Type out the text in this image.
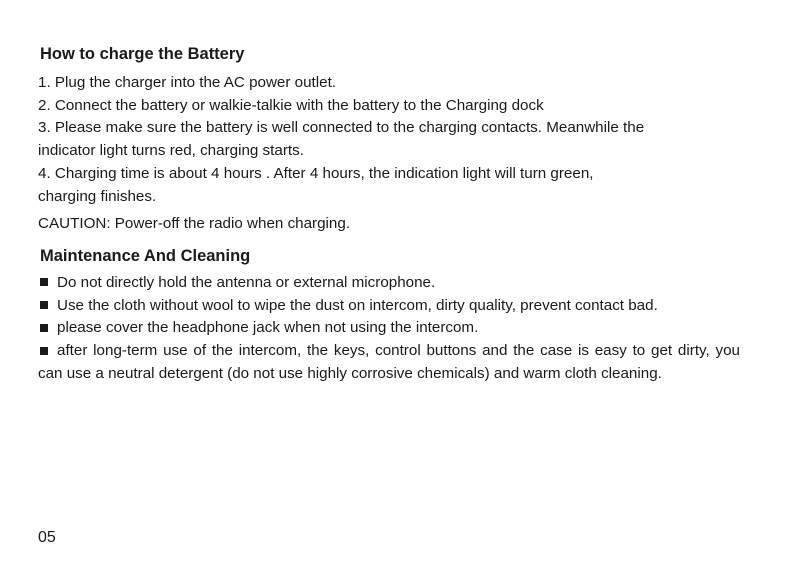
How to charge the Battery
1. Plug the charger into the AC power outlet.
2. Connect the battery or walkie-talkie with the battery to the Charging dock
3. Please make sure the battery is well connected to the charging contacts. Meanwhile the
indicator light turns red, charging starts.
4. Charging time is about 4 hours . After 4 hours, the indication light will turn green,
charging finishes.

CAUTION: Power-off the radio when charging.

Maintenance And Cleaning
Do not directly hold the antenna or external microphone.
Use the cloth without wool to wipe the dust on intercom, dirty quality, prevent contact bad.
please cover the headphone jack when not using the intercom.
after long-term use of the intercom, the keys, control buttons and the case is easy to get dirty, you can use a neutral detergent (do not use highly corrosive chemicals) and warm cloth cleaning.

05
